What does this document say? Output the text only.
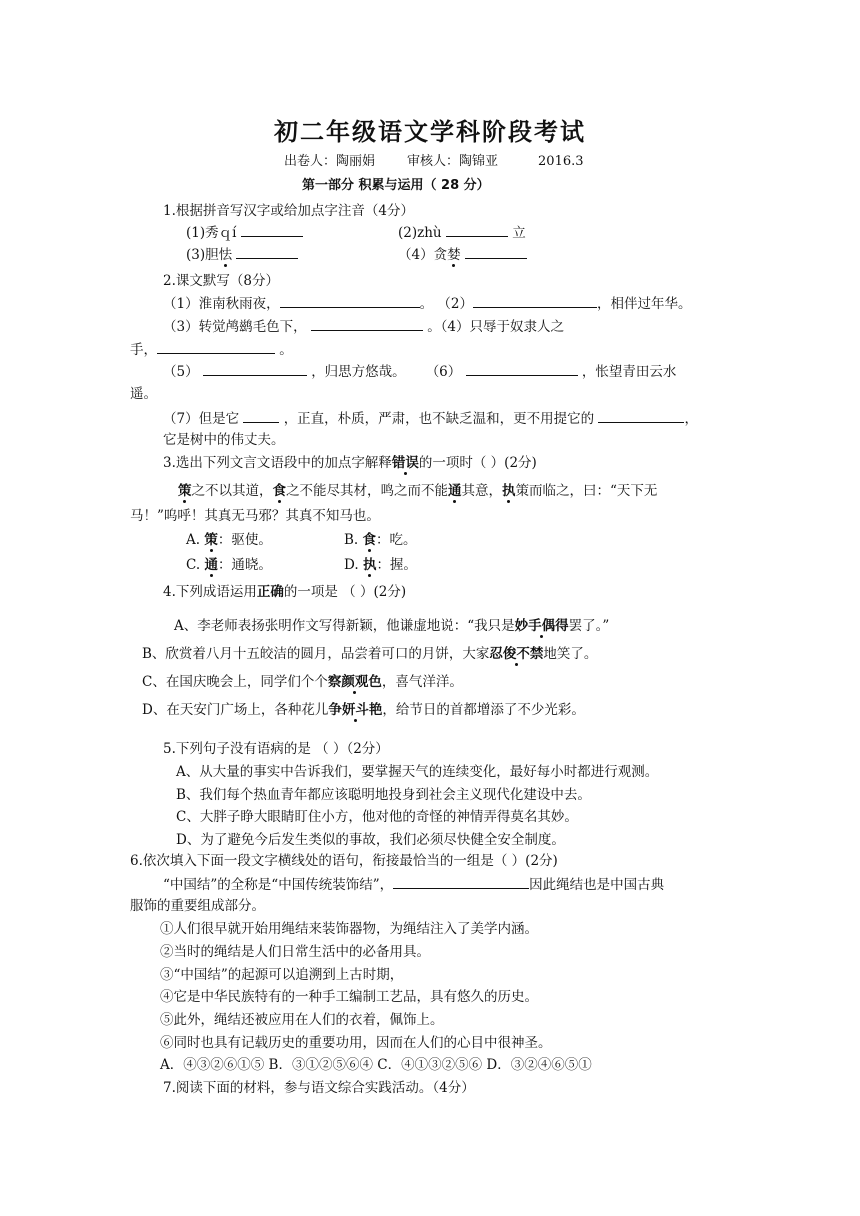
初二年级语文学科阶段考试
出卷人：陶丽娟 审核人：陶锦亚	2016.3
第一部分 积累与运用（ 28 分）
1.根据拼音写汉字或给加点字注音（4分）
(1)秀ｑí	(2)zhù	立
(3)胆怯	（4）贪婪
2.课文默写（8分）
（1）淮南秋雨夜，	。 （2）	，相伴过年华。
（3）转觉鸬鹚毛色下，	。（4）只辱于奴隶人之
手，	。
（5）	，归思方悠哉。 （6）	，怅望青田云水
遥。
（7）但是它	，正直，朴质，严肃，也不缺乏温和，更不用提它的	，
它是树中的伟丈夫。
3.选出下列文言文语段中的加点字解释错误的一项时（ ）(2分)
策之不以其道，食之不能尽其材，鸣之而不能通其意，执策而临之，曰：“天下无
马！”呜呼！其真无马邪？其真不知马也。
A. 策：驱使。	B. 食：吃。
C. 通：通晓。	D. 执：握。
4.下列成语运用正确的一项是 （ ）(2分)
A、李老师表扬张明作文写得新颖，他谦虚地说：“我只是妙手偶得罢了。”
B、欣赏着八月十五皎洁的圆月，品尝着可口的月饼，大家忍俊不禁地笑了。
C、在国庆晚会上，同学们个个察颜观色，喜气洋洋。
D、在天安门广场上，各种花儿争妍斗艳，给节日的首都增添了不少光彩。
5.下列句子没有语病的是 （ ）（2分）
A、从大量的事实中告诉我们，要掌握天气的连续变化，最好每小时都进行观测。
B、我们每个热血青年都应该聪明地投身到社会主义现代化建设中去。
C、大胖子睁大眼睛盯住小方，他对他的奇怪的神情弄得莫名其妙。
D、为了避免今后发生类似的事故，我们必须尽快健全安全制度。
6.依次填入下面一段文字横线处的语句，衔接最恰当的一组是（ ）(2分)
“中国结”的全称是“中国传统装饰结”，	因此绳结也是中国古典
服饰的重要组成部分。
①人们很早就开始用绳结来装饰器物，为绳结注入了美学内涵。
②当时的绳结是人们日常生活中的必备用具。
③“中国结”的起源可以追溯到上古时期，
④它是中华民族特有的一种手工编制工艺品，具有悠久的历史。
⑤此外，绳结还被应用在人们的衣着，佩饰上。
⑥同时也具有记载历史的重要功用，因而在人们的心目中很神圣。
A．④③②⑥①⑤ B．③①②⑤⑥④ C．④①③②⑤⑥ D．③②④⑥⑤①
7.阅读下面的材料，参与语文综合实践活动。（4分）
